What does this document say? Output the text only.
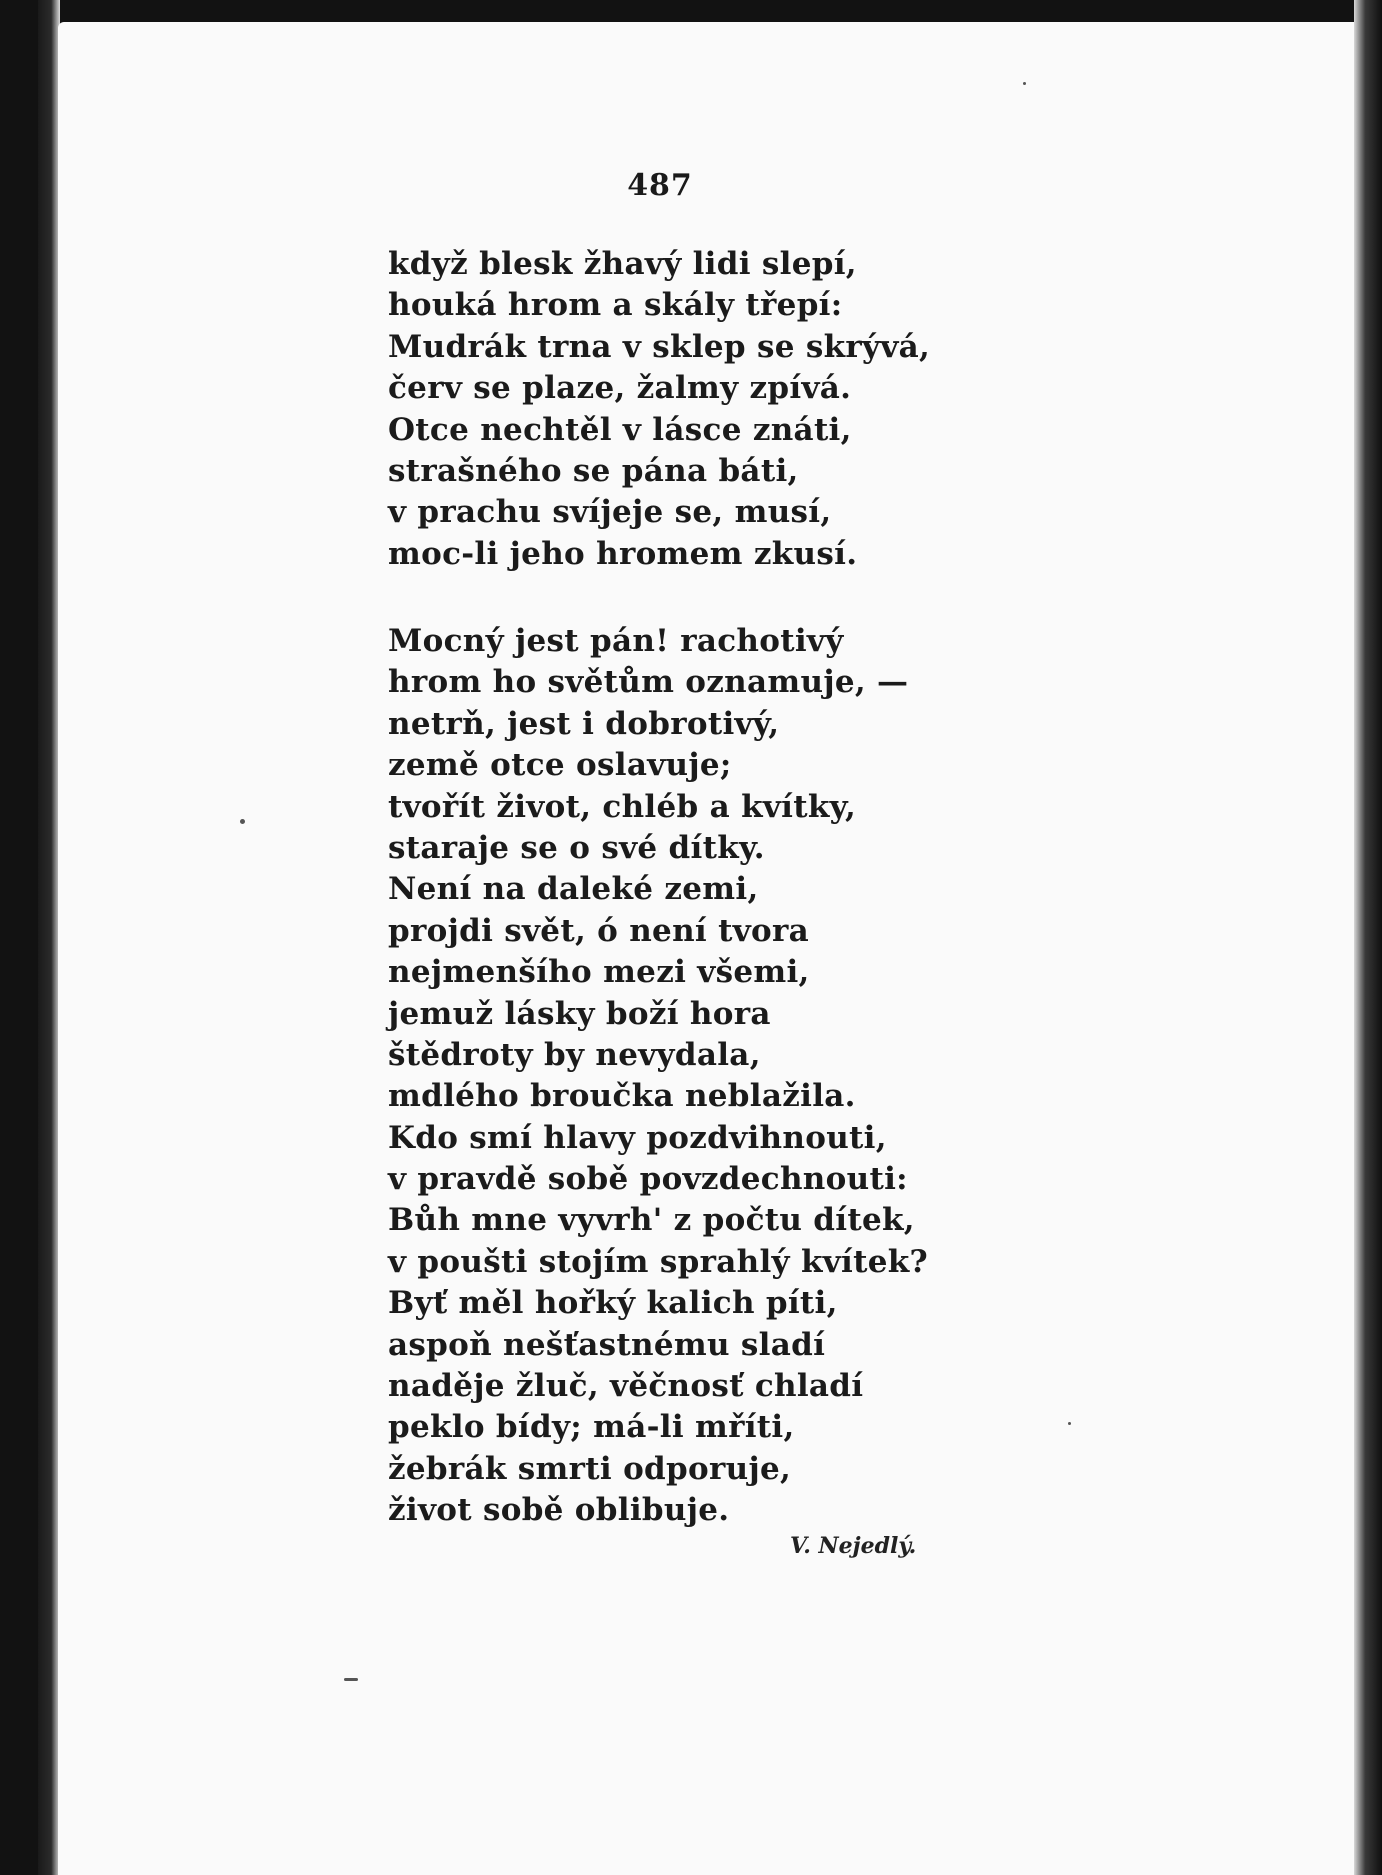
487
když blesk žhavý lidi slepí,
houká hrom a skály třepí:
Mudrák trna v sklep se skrývá,
červ se plaze, žalmy zpívá.
Otce nechtěl v lásce znáti,
strašného se pána báti,
v prachu svíjeje se, musí,
moc-li jeho hromem zkusí.
Mocný jest pán! rachotivý
hrom ho světům oznamuje, —
netrň, jest i dobrotivý,
země otce oslavuje;
tvořít život, chléb a kvítky,
staraje se o své dítky.
Není na daleké zemi,
projdi svět, ó není tvora
nejmenšího mezi všemi,
jemuž lásky boží hora
štědroty by nevydala,
mdlého broučka neblažila.
Kdo smí hlavy pozdvihnouti,
v pravdě sobě povzdechnouti:
Bůh mne vyvrh' z počtu dítek,
v poušti stojím sprahlý kvítek?
Byť měl hořký kalich píti,
aspoň nešťastnému sladí
naděje žluč, věčnosť chladí
peklo bídy; má-li mříti,
žebrák smrti odporuje,
život sobě oblibuje.
V. Nejedlý.
